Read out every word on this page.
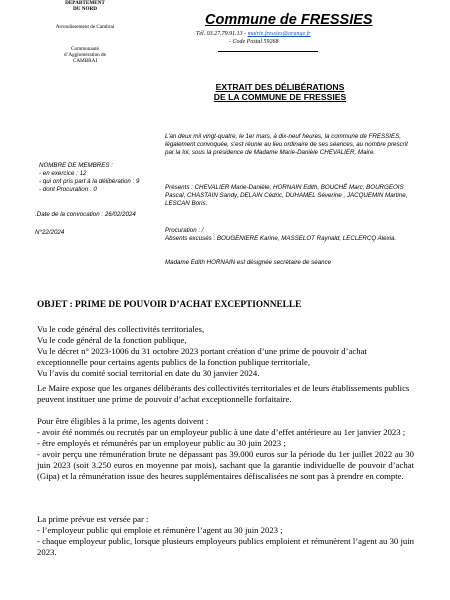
DEPARTEMENT
DU NORD
Arrondissement de Cambrai
Communauté
d’Agglomération de
CAMBRAI
Commune de FRESSIES
Tél. 03.27.79.91.13 - mairie.fressies@orange.fr
- Code Postal 59268
EXTRAIT DES DÉLIBÉRATIONS
DE LA COMMUNE DE FRESSIES
L’an deux mil vingt-quatre, le 1er mars, à dix-neuf heures, la commune de FRESSIES, légalement convoquée, s’est réunie au lieu ordinaire de ses séances, au nombre prescrit par la loi, sous la présidence de Madame Marie-Danièle CHEVALIER, Maire.
NOMBRE DE MEMBRES :
- en exercice : 12
- qui ont pris part à la délibération : 9
- dont Procuration : 0	Présents : CHEVALIER Marie-Danièle, HORNAIN Edith, BOUCHÉ Marc, BOURGEOIS Pascal, CHASTAIN Sandy, DELAIN Cédric, DUHAMEL Séverine , JACQUEMIN Martine, LESCAN Boris.
.Date de la convocation : 26/02/2024
N°22/2024	Procuration : /
Absents excusés : BOUGENIERE Karine, MASSELOT Raynald, LECLERCQ Alexia.
Madame Edith HORNAIN est désignée secrétaire de séance
OBJET : PRIME DE POUVOIR D’ACHAT EXCEPTIONNELLE
Vu le code général des collectivités territoriales,
Vu le code général de la fonction publique,
Vu le décret n° 2023-1006 du 31 octobre 2023 portant création d’une prime de pouvoir d’achat exceptionnelle pour certains agents publics de la fonction publique territoriale,
Vu l’avis du comité social territorial en date du 30 janvier 2024.
Le Maire expose que les organes délibérants des collectivités territoriales et de leurs établissements publics peuvent instituer une prime de pouvoir d’achat exceptionnelle forfaitaire.
Pour être éligibles à la prime, les agents doivent :
- avoir été nommés ou recrutés par un employeur public à une date d’effet antérieure au 1er janvier 2023 ;
- être employés et rémunérés par un employeur public au 30 juin 2023 ;
- avoir perçu une rémunération brute ne dépassant pas 39.000 euros sur la période du 1er juillet 2022 au 30 juin 2023 (soit 3.250 euros en moyenne par mois), sachant que la garantie individuelle de pouvoir d’achat (Gipa) et la rémunération issue des heures supplémentaires défiscalisées ne sont pas à prendre en compte.
La prime prévue est versée par :
- l’employeur public qui emploie et rémunère l’agent au 30 juin 2023 ;
- chaque employeur public, lorsque plusieurs employeurs publics emploient et rémunèrent l’agent au 30 juin 2023.
